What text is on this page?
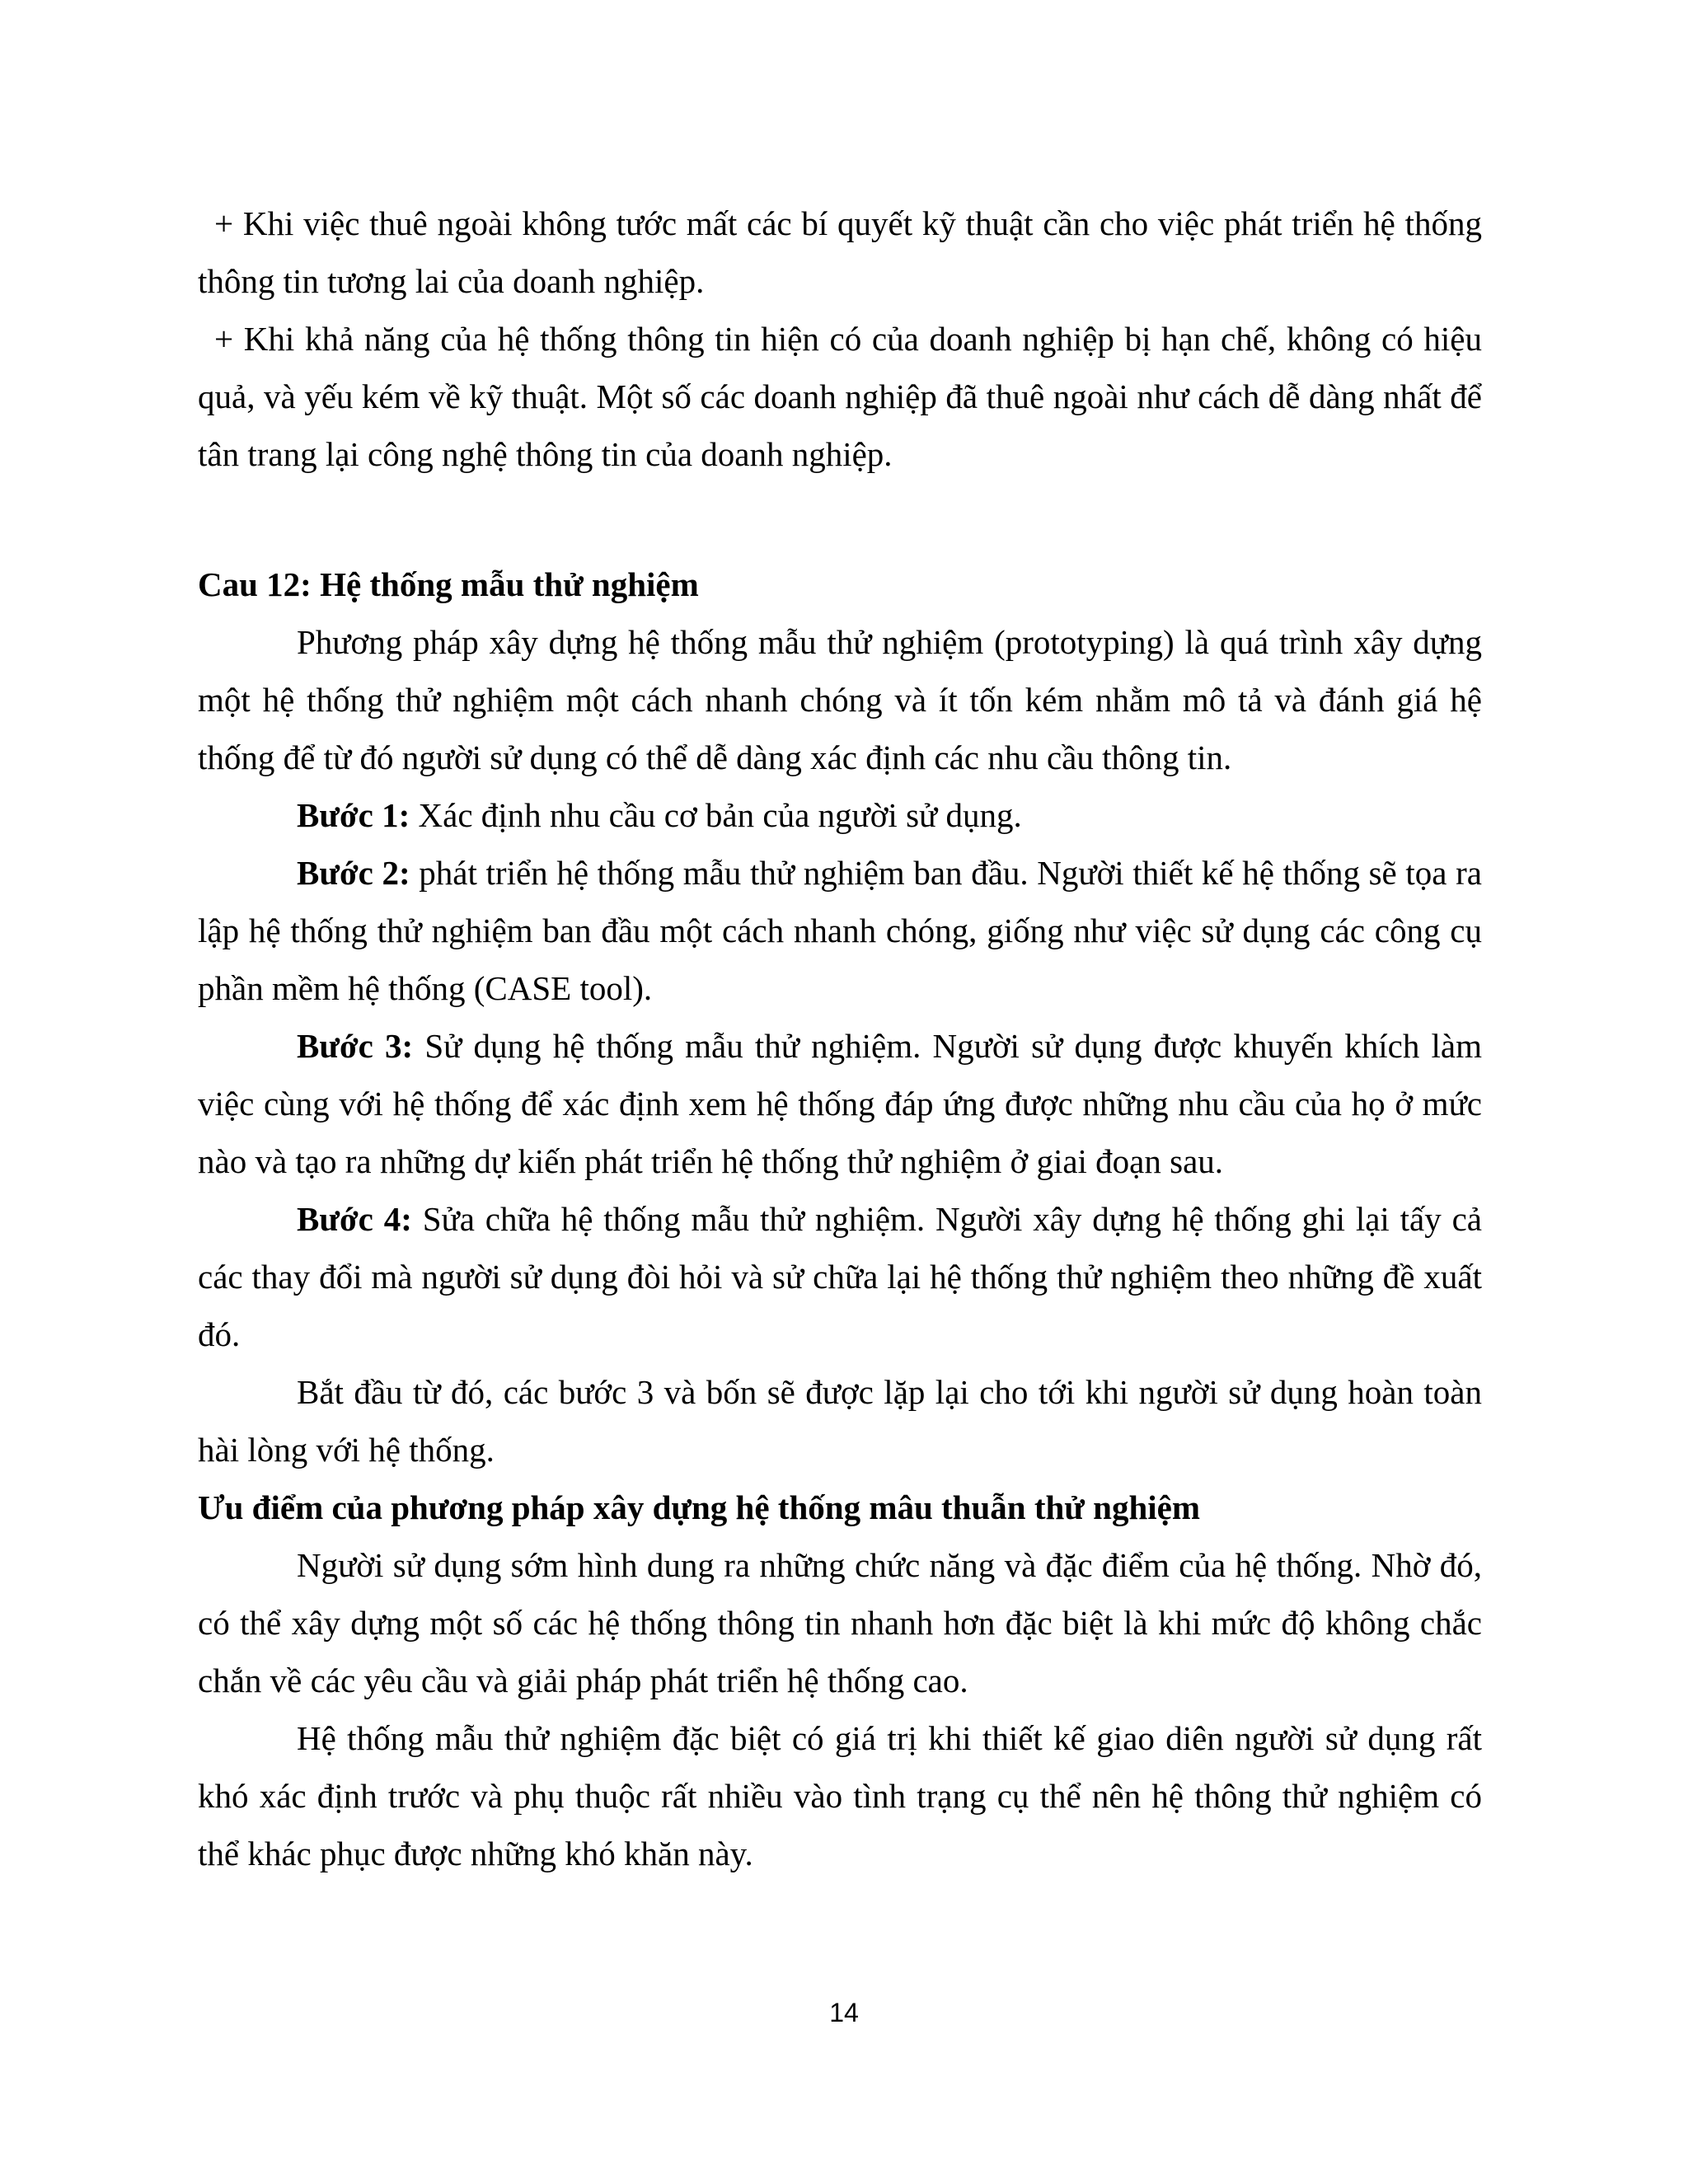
+ Khi việc thuê ngoài không tước mất các bí quyết kỹ thuật cần cho việc phát triển hệ thống thông tin tương lai của doanh nghiệp.

+ Khi khả năng của hệ thống thông tin hiện có của doanh nghiệp bị hạn chế, không có hiệu quả, và yếu kém về kỹ thuật. Một số các doanh nghiệp đã thuê ngoài như cách dễ dàng nhất để tân trang lại công nghệ thông tin của doanh nghiệp.

Cau 12: Hệ thống mẫu thử nghiệm

Phương pháp xây dựng hệ thống mẫu thử nghiệm (prototyping) là quá trình xây dựng một hệ thống thử nghiệm một cách nhanh chóng và ít tốn kém nhằm mô tả và đánh giá hệ thống để từ đó người sử dụng có thể dễ dàng xác định các nhu cầu thông tin.

Bước 1: Xác định nhu cầu cơ bản của người sử dụng.

Bước 2: phát triển hệ thống mẫu thử nghiệm ban đầu. Người thiết kế hệ thống sẽ tọa ra lập hệ thống thử nghiệm ban đầu một cách nhanh chóng, giống như việc sử dụng các công cụ phần mềm hệ thống (CASE tool).

Bước 3: Sử dụng hệ thống mẫu thử nghiệm. Người sử dụng được khuyến khích làm việc cùng với hệ thống để xác định xem hệ thống đáp ứng được những nhu cầu của họ ở mức nào và tạo ra những dự kiến phát triển hệ thống thử nghiệm ở giai đoạn sau.

Bước 4: Sửa chữa hệ thống mẫu thử nghiệm. Người xây dựng hệ thống ghi lại tấy cả các thay đổi mà người sử dụng đòi hỏi và sử chữa lại hệ thống thử nghiệm theo những đề xuất đó.

Bắt đầu từ đó, các bước 3 và bốn sẽ được lặp lại cho tới khi người sử dụng hoàn toàn hài lòng với hệ thống.

Ưu điểm của phương pháp xây dựng hệ thống mâu thuẫn thử nghiệm

Người sử dụng sớm hình dung ra những chức năng và đặc điểm của hệ thống. Nhờ đó, có thể xây dựng một số các hệ thống thông tin nhanh hơn đặc biệt là khi mức độ không chắc chắn về các yêu cầu và giải pháp phát triển hệ thống cao.

Hệ thống mẫu thử nghiệm đặc biệt có giá trị khi thiết kế giao diên người sử dụng rất khó xác định trước và phụ thuộc rất nhiều vào tình trạng cụ thể nên hệ thông thử nghiệm có thể khác phục được những khó khăn này.

14
